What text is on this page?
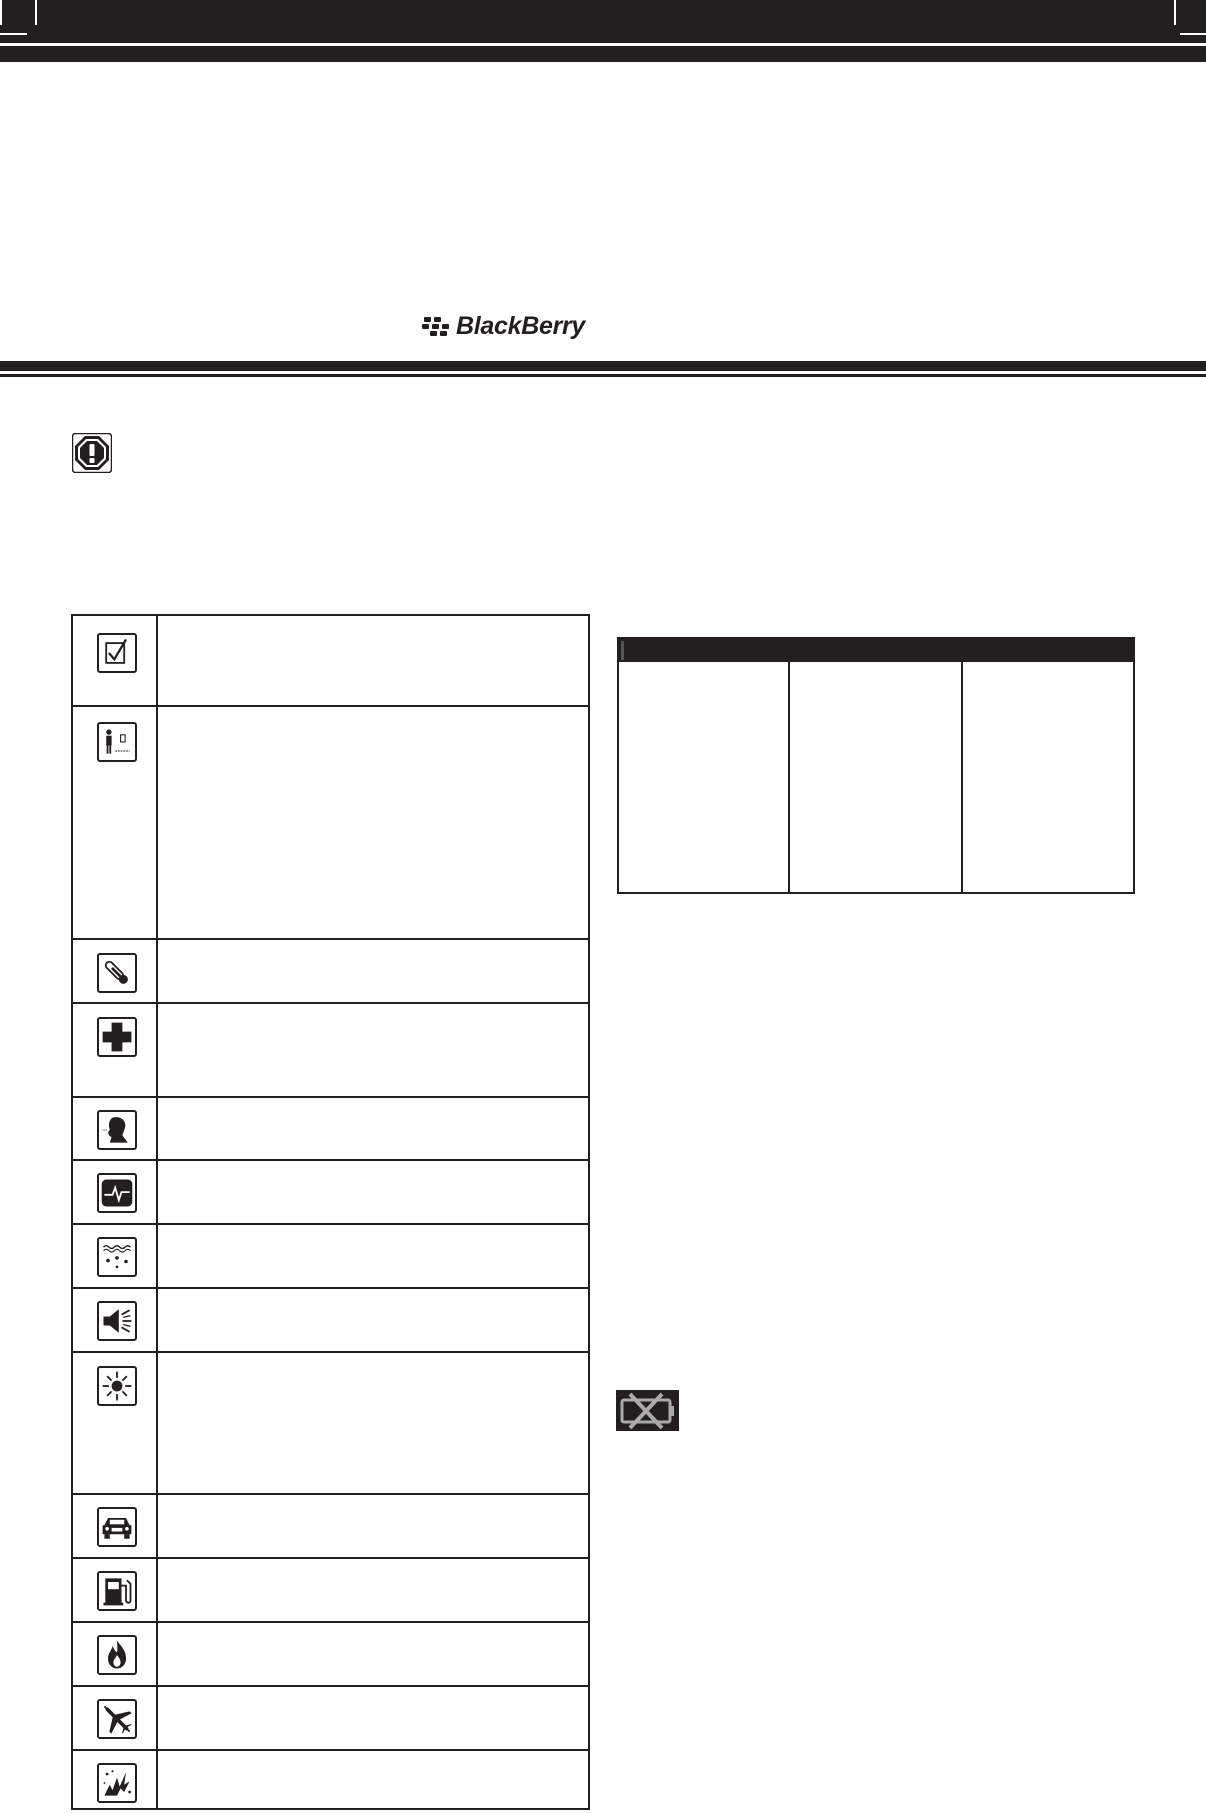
BlackBerry
